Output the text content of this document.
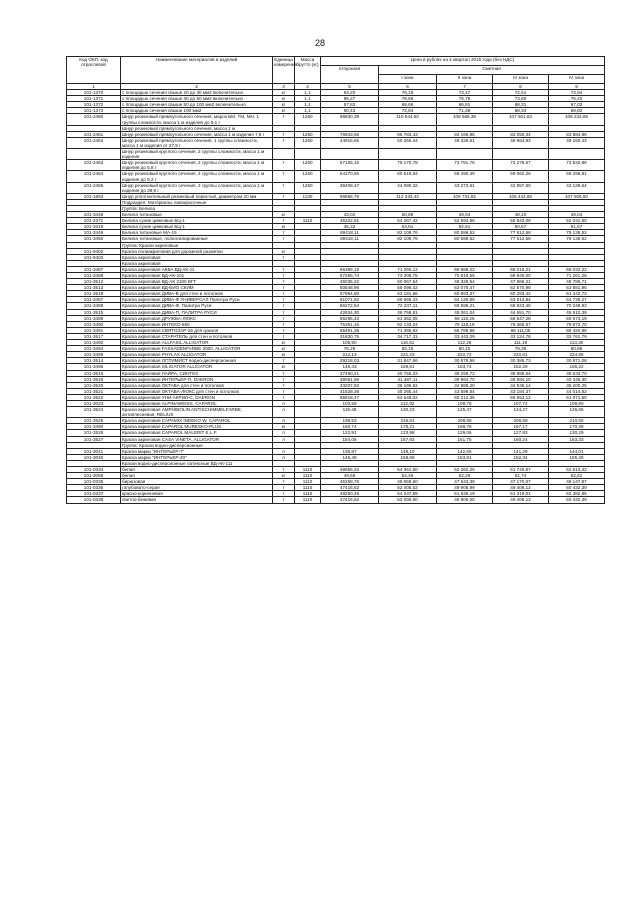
28
Код ОКП, код отраслевой	Наименование материалов и изделий	Единица измерения	Масса брутто (кг)	Цена в рублях на 4 квартал 2015 года (без НДС)				
				отпускная	Сметная			
					I зона	II зона	III зона	IV зона
1	2	3	4	5	6	7	8	9
101-1370	с площадью сечения свыше 20 до 30 мм2 включительно	кг	1,1	63,20	76,18	73,17	72,51	73,94
101-1371	с площадью сечения свыше 30 до 50 мм2 включительно	кг	1,1	65,27	78,68	76,78	73,80	75,40
101-1372	с площадью сечения свыше 50 до 100 мм2 включительно	кг	1,1	57,82	69,66	66,91	68,31	67,02
101-1373	с площадью сечения свыше 100 мм2	кг	1,1	60,43	72,84	71,38	68,34	69,82
101-2460	Шнур резиновый прямоугольного сечения, марок БМ, ТМ, МН, 1 группы сложности, масса 1 м изделия до 5,1 г	т	1260	96830,39	110 644,50	108 569,38	107 601,53	108 233,68
	Шнур резиновый прямоугольного сечения, масса 1 м							
101-2461	Шнур резиновый прямоугольного сечения, масса 1 м изделия 7,8 г	т	1260	76943,56	85 783,43	84 166,85	83 050,34	83 884,96
101-2462	Шнур резиновый прямоугольного сечения, 1 группы сложности, масса 1 м изделия от 27,9 г	т	1260	44916,65	50 255,44	49 326,61	48 964,93	49 160,43
	Шнур резиновый круглого сечения, 2 группы сложности, масса 1 м изделия							
101-2463	Шнур резиновый круглого сечения, 2 группы сложности, масса 1 м изделия до 5,8 г	т	1260	67155,16	75 170,78	73 781,75	73 278,57	73 532,89
101-2464	Шнур резиновый круглого сечения, 2 группы сложности, масса 1 м изделия до 9,2 г	т	1260	54170,65	60 519,64	59 490,49	59 062,26	59 296,81
101-2465	Шнур резиновый круглого сечения, 2 группы сложности, масса 1 м изделия до 39,9 г	т	1260	39408,47	44 090,32	43 273,61	42 957,60	43 129,64
101-1883	Шнур уплотнительный резиновый пористый, диаметром 20 мм	т	1130	99856,79	112 233,43	109 731,82	105 443,88	107 608,50
	Подраздел: Материалы лакокрасочные							
	Группа: Белила							
101-3448	Белила титановые	кг		43,02	50,89	49,94	48,10	49,04
101-2371	Белила сухие цинковые БЦ-1	т	1110	45322,51	54 287,42	52 993,96	50 943,08	52 031,80
101-3319	Белила сухие цинковые БЦ-1	кг		45,32	53,81	52,61	50,67	51,67
101-3449	Белила титановые МА-15	т		69418,11	82 109,76	80 586,52	77 612,58	79 135,52
101-3450	Белила титановые, полиэтилированные	т		69418,11	82 109,76	80 586,52	77 612,58	79 135,52
	Группа: Краски акриловые							
101-9402	Краска полиакриловая для дорожной разметки	кг						
101-9403	Краска акриловая	т						
	Краска акриловая							
101-3487	Краска акриловая АКВА ВД-АК-11	т		65399,19	71 265,12	69 869,22	68 015,21	69 033,22
101-3488	Краска акриловая ВД-АК-101	т		67255,74	73 308,75	70 618,59	69 946,00	71 261,28
101-3512	Краска акриловая ВД-АК 2180 ВГТ	т		45035,22	50 067,54	48 326,54	47 866,21	48 786,71
101-3513	Краска акриловая ВД-БИО СКИМ	т		50548,96	55 098,42	53 076,47	52 570,98	53 581,96
101-3518	Краска акриловая ДИВА-В для стен и потолков	т		57964,80	63 181,86	60 863,07	60 283,42	61 442,72
101-3487	Краска акриловая ДИВА-Ф УНИВЕРСАЛ Палитра Руси	т		61071,92	66 568,43	64 125,55	63 514,84	64 736,27
101-3488	Краска акриловая ДИВА-Ф, Палитра Руси	т		66272,54	72 237,11	69 586,21	68 923,48	70 248,93
101-3515	Краска акриловая ДИВА-П, ПАЛИТРА РУСИ	т		42634,30	46 758,81	45 061,04	44 651,70	45 510,39
101-3489	Краска акриловая ДРУЖБА-ЛЮКС	т		56295,43	61 362,05	59 110,25	58 547,28	59 673,19
101-3490	Краска акриловая ИНТЕКО-650	т		75351,16	82 133,24	79 119,19	78 365,67	79 872,70
101-3491	Краска акриловая СВЯТОЗАР-26 для цоколя	т		65491,36	71 385,62	68 765,96	68 111,05	69 420,88
101-3517	Краска акриловая СТАРАТЕЛЬ для стен и потолков	т		31830,75	34 717,31	33 443,29	33 124,78	33 761,79
101-3492	Краска акриловая ALLFASIL ALLIGATOR	кг		106,90	116,51	112,26	111,19	113,30
101-3494	Краска акриловая FASSADENFARBE 3000, ALLIGATOR	кг		76,29	83,16	80,10	79,35	80,88
101-3495	Краска акриловая PHYLAX ALLIGATOR	кг		212,13	231,23	222,72	220,61	224,86
101-3514	Краска акриловая ОПТИМИСТ водно-дисперсионная	т		29218,03	31 847,66	30 678,96	30 386,73	30 971,08
101-3496	Краска акриловая SILIGATOR ALLIGATOR	кг		146,43	159,61	153,74	152,29	155,22
101-3516	Краска акриловая ЛАЙРА, СИНТЕЗ	т		37490,21	40 755,33	39 259,72	38 885,64	39 633,70
101-3519	Краска акриловая ИНТЕРЬЕР-П, DAERON	т		38061,59	41 487,11	39 964,70	39 584,10	40 345,30
101-3520	Краска акриловая ОКТАВА для стен и потолков	т		33207,82	36 196,52	34 868,20	34 536,14	35 200,25
101-3521	Краска акриловая ОКТАВА-ЛЮКС для стен и потолков	т		41528,36	45 265,44	43 599,54	43 184,37	44 014,82
101-3522	Краска акриловая УНИ-АКРИЛ-С, DAERON	т		65918,47	63 648,02	60 212,35	59 553,12	61 071,50
101-3023	Краска акриловая ALPINAWEISS, CAPAROL	л		103,59	112,92	108,76	107,72	109,80
101-3524	Краска акриловая AMPHIBOLIN ANTISCHIMMELFARBE, антиплесневая, RELIUS	л		119,48	130,23	125,47	124,27	126,65
101-3525	Краска акриловая CAPAMIX INDEKO W, CAPAROL	л		198,53	216,51	208,56	206,59	210,55
101-3490	Краска акриловая CAPAROL MURESKO-PLUS	кг		160,74	175,21	168,78	167,17	170,39
101-3526	Краска акриловая CAPAROL MALERIT E.L.F.	л		122,91	133,98	129,06	127,83	130,29
101-3527	Краска акриловая CASA VINETA, ALLIGATOR	л		154,06	167,93	161,75	160,24	163,33
	Группа: Краски водно-дисперсионные							
101-3041	Краска марки "ИНТЕРЬЕР-7"	л		135,87	148,10	142,65	141,29	144,01
101-3040	Краска марки "ИНТЕРЬЕР-20"	л		146,49	159,68	153,81	152,34	155,28
	Краски водно-дисперсионные латексные ВД-АК-111							
101-0334	белая	т	1110	49655,32	54 461,60	52 262,25	51 740,87	52 613,42
101-3066	белая	кг	1110	49,66	54,46	52,26	51,74	52,61
101-0335	бирюзовая	т	1110	45268,76	49 658,60	47 643,39	47 170,07	48 147,87
101-0336	голубовато-серая	т	1110	47416,62	52 005,52	49 905,99	49 406,12	50 432,39
101-0337	красно-коричневая	т	1110	49250,49	54 037,89	51 836,19	51 319,01	52 382,85
101-0338	светло-бежевая	т	1110	47416,62	52 005,50	49 906,00	49 406,13	50 432,39
